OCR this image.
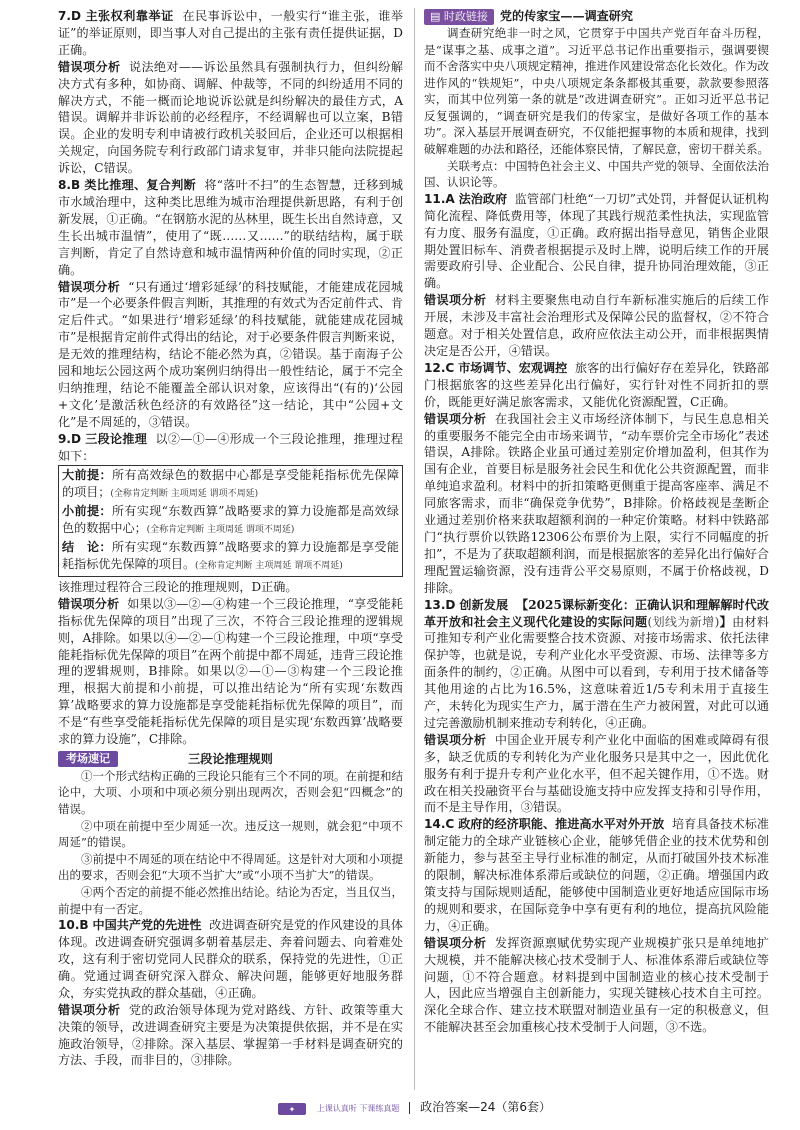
7.D 主张权利靠举证 在民事诉讼中，一般实行“谁主张，谁举证”的举证原则，即当事人对自己提出的主张有责任提供证据，D正确。

错误项分析 说法绝对——诉讼虽然具有强制执行力，但纠纷解决方式有多种，如协商、调解、仲裁等，不同的纠纷适用不同的解决方式，不能一概而论地说诉讼就是纠纷解决的最佳方式，A错误。调解并非诉讼前的必经程序，不经调解也可以立案，B错误。企业的发明专利申请被行政机关驳回后，企业还可以根据相关规定，向国务院专利行政部门请求复审，并非只能向法院提起诉讼，C错误。

8.B 类比推理、复合判断 将“落叶不扫”的生态智慧，迁移到城市水域治理中，这种类比思维为城市治理提供新思路，有利于创新发展，①正确。“在钢筋水泥的丛林里，既生长出自然诗意，又生长出城市温情”，使用了“既……又……”的联结结构，属于联言判断，肯定了自然诗意和城市温情两种价值的同时实现，②正确。

错误项分析 “只有通过‘增彩延绿’的科技赋能，才能建成花园城市”是一个必要条件假言判断，其推理的有效式为否定前件式、肯定后件式。“如果进行‘增彩延绿’的科技赋能，就能建成花园城市”是根据肯定前件式得出的结论，对于必要条件假言判断来说，是无效的推理结构，结论不能必然为真，②错误。基于南海子公园和地坛公园这两个成功案例归纳得出一般性结论，属于不完全归纳推理，结论不能覆盖全部认识对象，应该得出“(有的)‘公园+文化’是激活秋色经济的有效路径”这一结论，其中“公园+文化”是不周延的，③错误。

9.D 三段论推理 以②—①—④形成一个三段论推理，推理过程如下：

大前提：所有高效绿色的数据中心都是享受能耗指标优先保障的项目；(全称肯定判断 主项周延 谓项不周延)

小前提：所有实现“东数西算”战略要求的算力设施都是高效绿色的数据中心；(全称肯定判断 主项周延 谓项不周延)

结　论：所有实现“东数西算”战略要求的算力设施都是享受能耗指标优先保障的项目。(全称肯定判断 主项周延 谓项不周延)

该推理过程符合三段论的推理规则，D正确。

错误项分析 如果以③—②—④构建一个三段论推理，“享受能耗指标优先保障的项目”出现了三次，不符合三段论推理的逻辑规则，A排除。如果以④—②—①构建一个三段论推理，中项“享受能耗指标优先保障的项目”在两个前提中都不周延，违背三段论推理的逻辑规则，B排除。如果以②—①—③构建一个三段论推理，根据大前提和小前提，可以推出结论为“所有实现‘东数西算’战略要求的算力设施都是享受能耗指标优先保障的项目”，而不是“有些享受能耗指标优先保障的项目是实现‘东数西算’战略要求的算力设施”，C排除。

考场速记	三段论推理规则

①一个形式结构正确的三段论只能有三个不同的项。在前提和结论中，大项、小项和中项必须分别出现两次，否则会犯“四概念”的错误。

②中项在前提中至少周延一次。违反这一规则，就会犯“中项不周延”的错误。

③前提中不周延的项在结论中不得周延。这是针对大项和小项提出的要求，否则会犯“大项不当扩大”或“小项不当扩大”的错误。

④两个否定的前提不能必然推出结论。结论为否定，当且仅当，前提中有一否定。

10.B 中国共产党的先进性 改进调查研究是党的作风建设的具体体现。改进调查研究强调多朝着基层走、奔着问题去、向着难处攻，这有利于密切党同人民群众的联系，保持党的先进性，①正确。党通过调查研究深入群众、解决问题，能够更好地服务群众，夯实党执政的群众基础，④正确。

错误项分析 党的政治领导体现为党对路线、方针、政策等重大决策的领导，改进调查研究主要是为决策提供依据，并不是在实施政治领导，②排除。深入基层、掌握第一手材料是调查研究的方法、手段，而非目的，③排除。

▤ 时政链接 党的传家宝——调查研究

调查研究绝非一时之风，它贯穿于中国共产党百年奋斗历程，是“谋事之基、成事之道”。习近平总书记作出重要指示，强调要锲而不舍落实中央八项规定精神，推进作风建设常态化长效化。作为改进作风的“铁规矩”，中央八项规定条条都极其重要，款款要参照落实，而其中位列第一条的就是“改进调查研究”。正如习近平总书记反复强调的，“调查研究是我们的传家宝，是做好各项工作的基本功”。深入基层开展调查研究，不仅能把握事物的本质和规律，找到破解难题的办法和路径，还能体察民情，了解民意，密切干群关系。

关联考点：中国特色社会主义、中国共产党的领导、全面依法治国、认识论等。

11.A 法治政府 监管部门杜绝“一刀切”式处罚，并督促认证机构简化流程、降低费用等，体现了其践行规范柔性执法，实现监管有力度、服务有温度，①正确。政府据出指导意见，销售企业限期处置旧标车、消费者根据提示及时上牌，说明后续工作的开展需要政府引导、企业配合、公民自律，提升协同治理效能，③正确。

错误项分析 材料主要聚焦电动自行车新标准实施后的后续工作开展，未涉及丰富社会治理形式及保障公民的监督权，②不符合题意。对于相关处置信息，政府应依法主动公开，而非根据舆情决定是否公开，④错误。

12.C 市场调节、宏观调控 旅客的出行偏好存在差异化，铁路部门根据旅客的这些差异化出行偏好，实行针对性不同折扣的票价，既能更好满足旅客需求，又能优化资源配置，C正确。

错误项分析 在我国社会主义市场经济体制下，与民生息息相关的重要服务不能完全由市场来调节，“动车票价完全市场化”表述错误，A排除。铁路企业虽可通过差别定价增加盈利，但其作为国有企业，首要目标是服务社会民生和优化公共资源配置，而非单纯追求盈利。材料中的折扣策略更侧重于提高客座率、满足不同旅客需求，而非“确保竞争优势”，B排除。价格歧视是垄断企业通过差别价格来获取超额利润的一种定价策略。材料中铁路部门“执行票价以铁路12306公布票价为上限，实行不同幅度的折扣”，不是为了获取超额利润，而是根据旅客的差异化出行偏好合理配置运输资源，没有违背公平交易原则，不属于价格歧视，D排除。

13.D 创新发展 【2025课标新变化：正确认识和理解解时代改革开放和社会主义现代化建设的实际问题(划线为新增)】由材料可推知专利产业化需要整合技术资源、对接市场需求、依托法律保护等，也就是说，专利产业化水平受资源、市场、法律等多方面条件的制约，②正确。从图中可以看到，专利用于技术储备等其他用途的占比为16.5%，这意味着近1/5专利未用于直接生产，未转化为现实生产力，属于潜在生产力被闲置，对此可以通过完善激励机制来推动专利转化，④正确。

错误项分析 中国企业开展专利产业化中面临的困难或障碍有很多，缺乏优质的专利转化为产业化服务只是其中之一，因此优化服务有利于提升专利产业化水平，但不起关键作用，①不选。财政在相关投融资平台与基础设施支持中应发挥支持和引导作用，而不是主导作用，③错误。

14.C 政府的经济职能、推进高水平对外开放 培育具备技术标准制定能力的全球产业链核心企业，能够凭借企业的技术优势和创新能力，参与甚至主导行业标准的制定，从而打破国外技术标准的限制，解决标准体系滞后或缺位的问题，②正确。增强国内政策支持与国际规则适配，能够使中国制造业更好地适应国际市场的规则和要求，在国际竞争中享有更有利的地位，提高抗风险能力，④正确。

错误项分析 发挥资源禀赋优势实现产业规模扩张只是单纯地扩大规模，并不能解决核心技术受制于人、标准体系滞后或缺位等问题，①不符合题意。材料提到中国制造业的核心技术受制于人，因此应当增强自主创新能力，实现关键核心技术自主可控。深化全球合作、建立技术联盟对制造业虽有一定的积极意义，但不能解决甚至会加重核心技术受制于人问题，③不选。

✦	上课认真听 下课练真题 政治答案—24（第6套）
